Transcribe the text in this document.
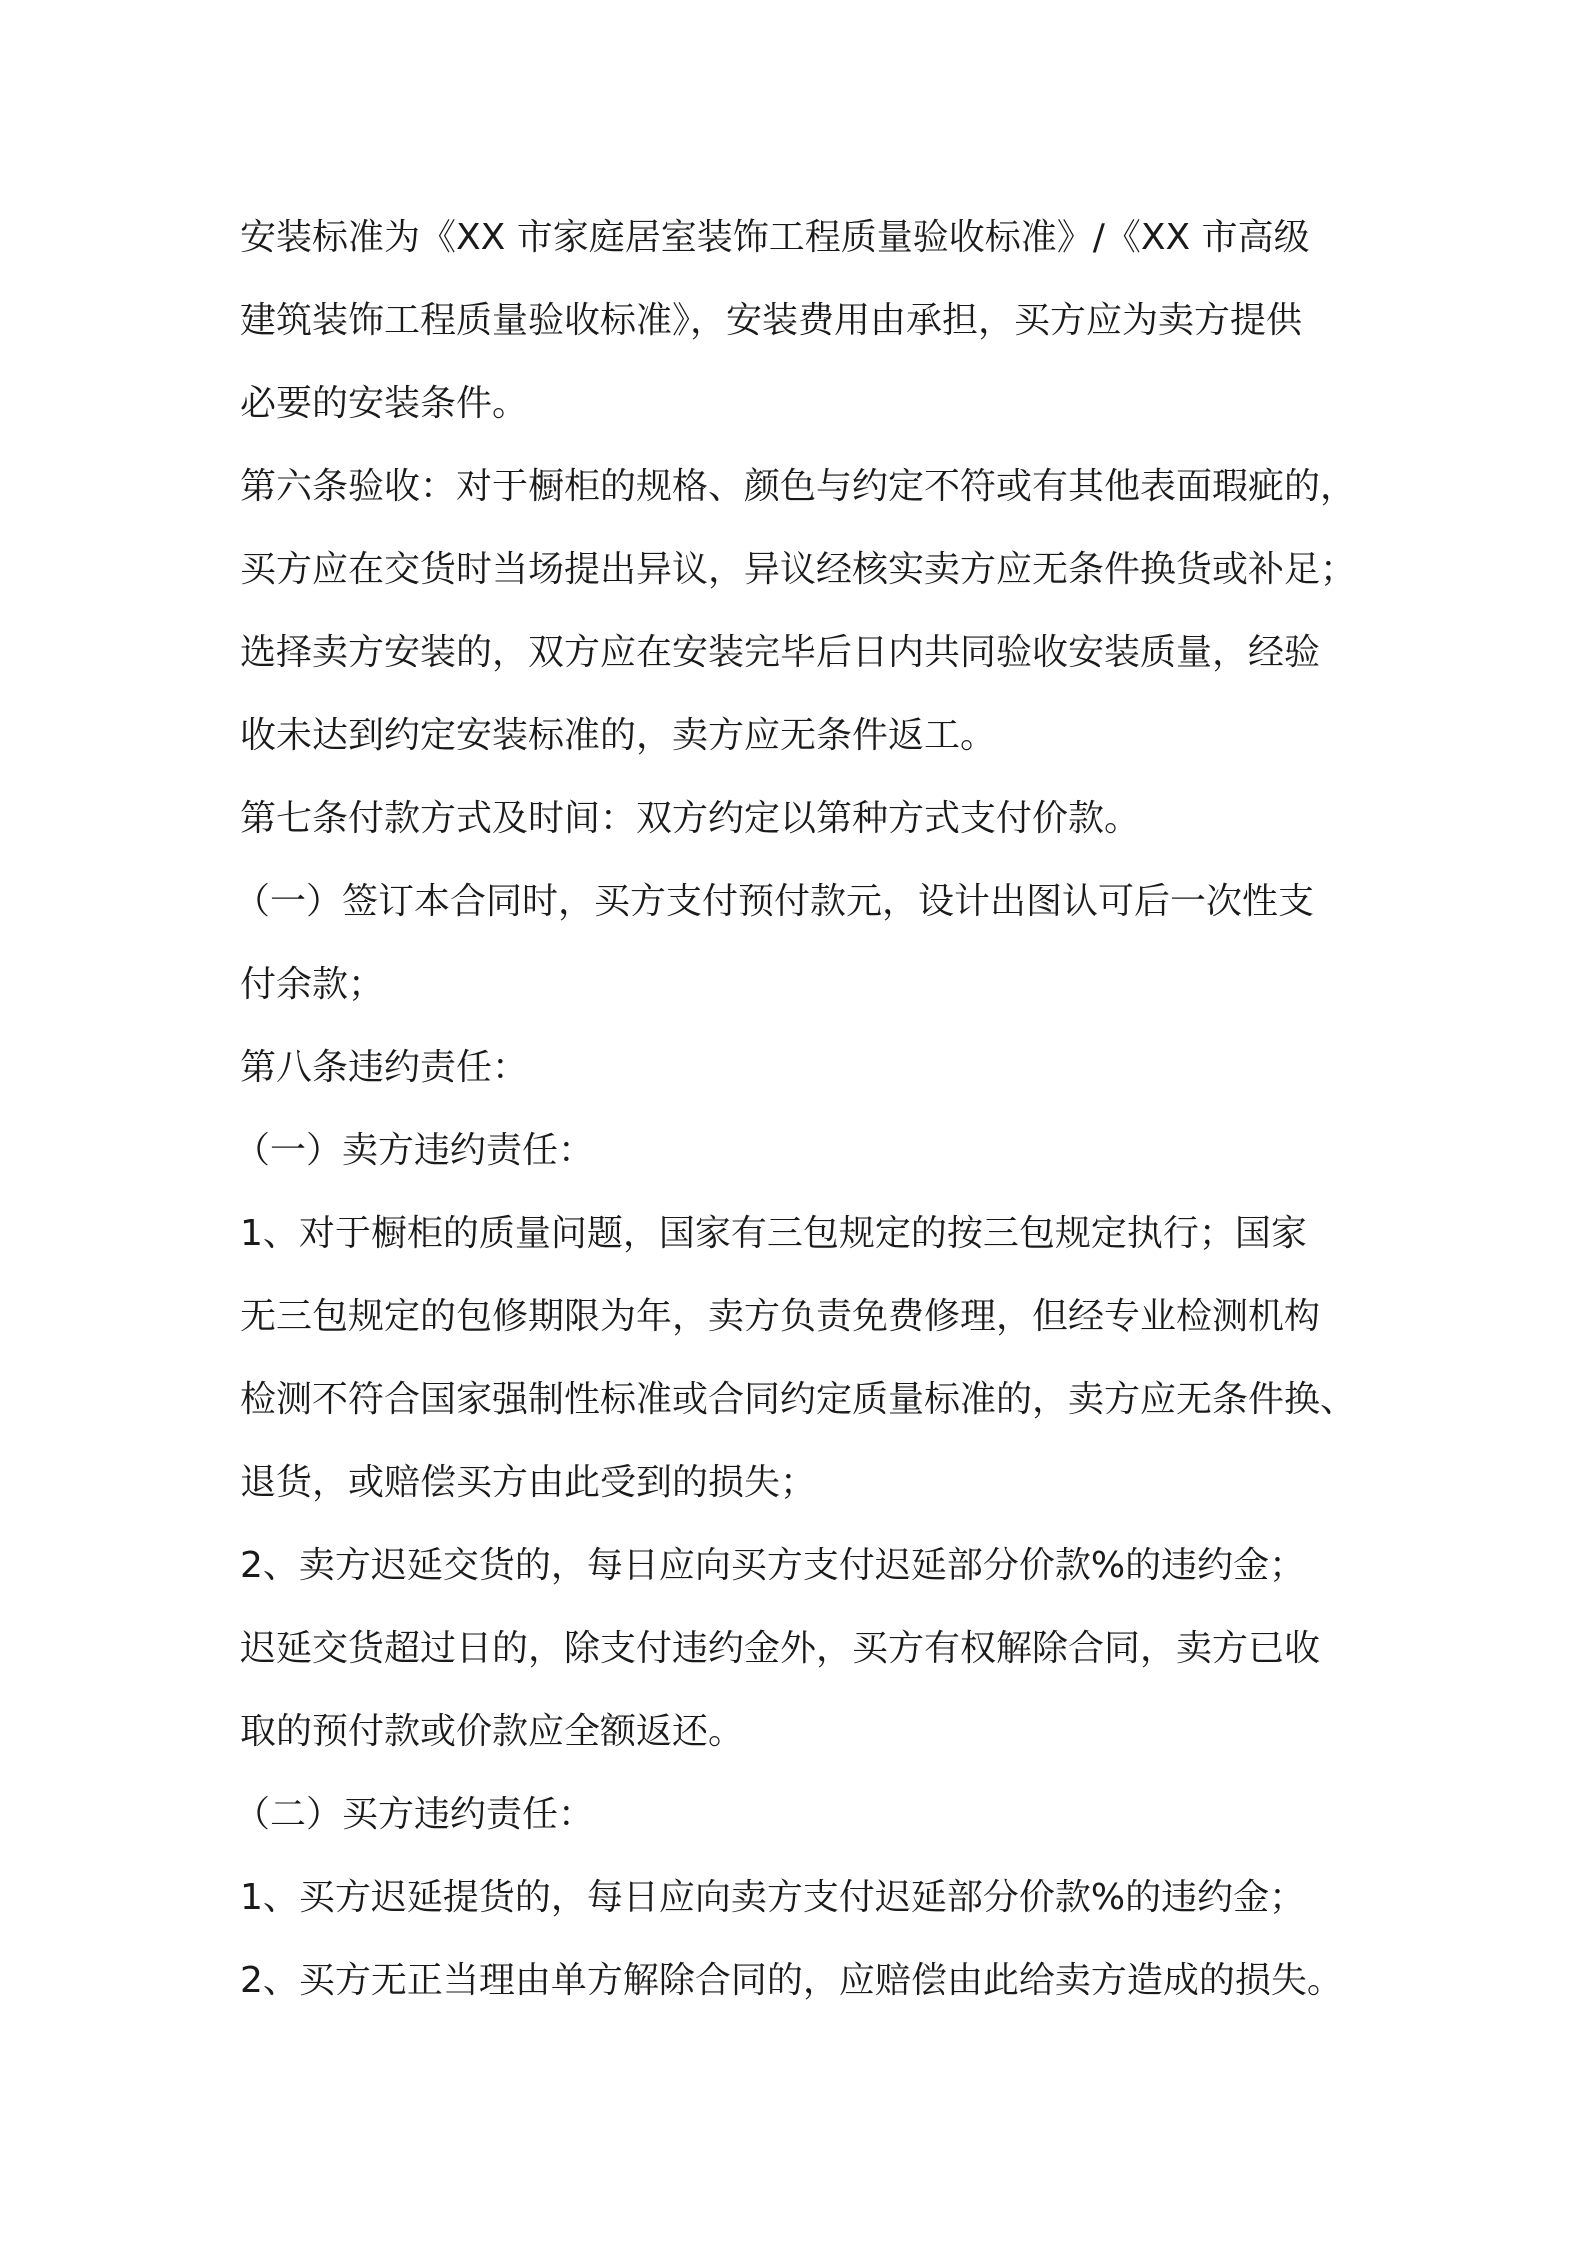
安装标准为《XX 市家庭居室装饰工程质量验收标准》/《XX 市高级
建筑装饰工程质量验收标准》，安装费用由承担，买方应为卖方提供
必要的安装条件。
第六条验收：对于橱柜的规格、颜色与约定不符或有其他表面瑕疵的，
买方应在交货时当场提出异议，异议经核实卖方应无条件换货或补足；
选择卖方安装的，双方应在安装完毕后日内共同验收安装质量，经验
收未达到约定安装标准的，卖方应无条件返工。
第七条付款方式及时间：双方约定以第种方式支付价款。
（一）签订本合同时，买方支付预付款元，设计出图认可后一次性支
付余款；
第八条违约责任：
（一）卖方违约责任：
1、对于橱柜的质量问题，国家有三包规定的按三包规定执行；国家
无三包规定的包修期限为年，卖方负责免费修理，但经专业检测机构
检测不符合国家强制性标准或合同约定质量标准的，卖方应无条件换、
退货，或赔偿买方由此受到的损失；
2、卖方迟延交货的，每日应向买方支付迟延部分价款%的违约金；
迟延交货超过日的，除支付违约金外，买方有权解除合同，卖方已收
取的预付款或价款应全额返还。
（二）买方违约责任：
1、买方迟延提货的，每日应向卖方支付迟延部分价款%的违约金；
2、买方无正当理由单方解除合同的，应赔偿由此给卖方造成的损失。
